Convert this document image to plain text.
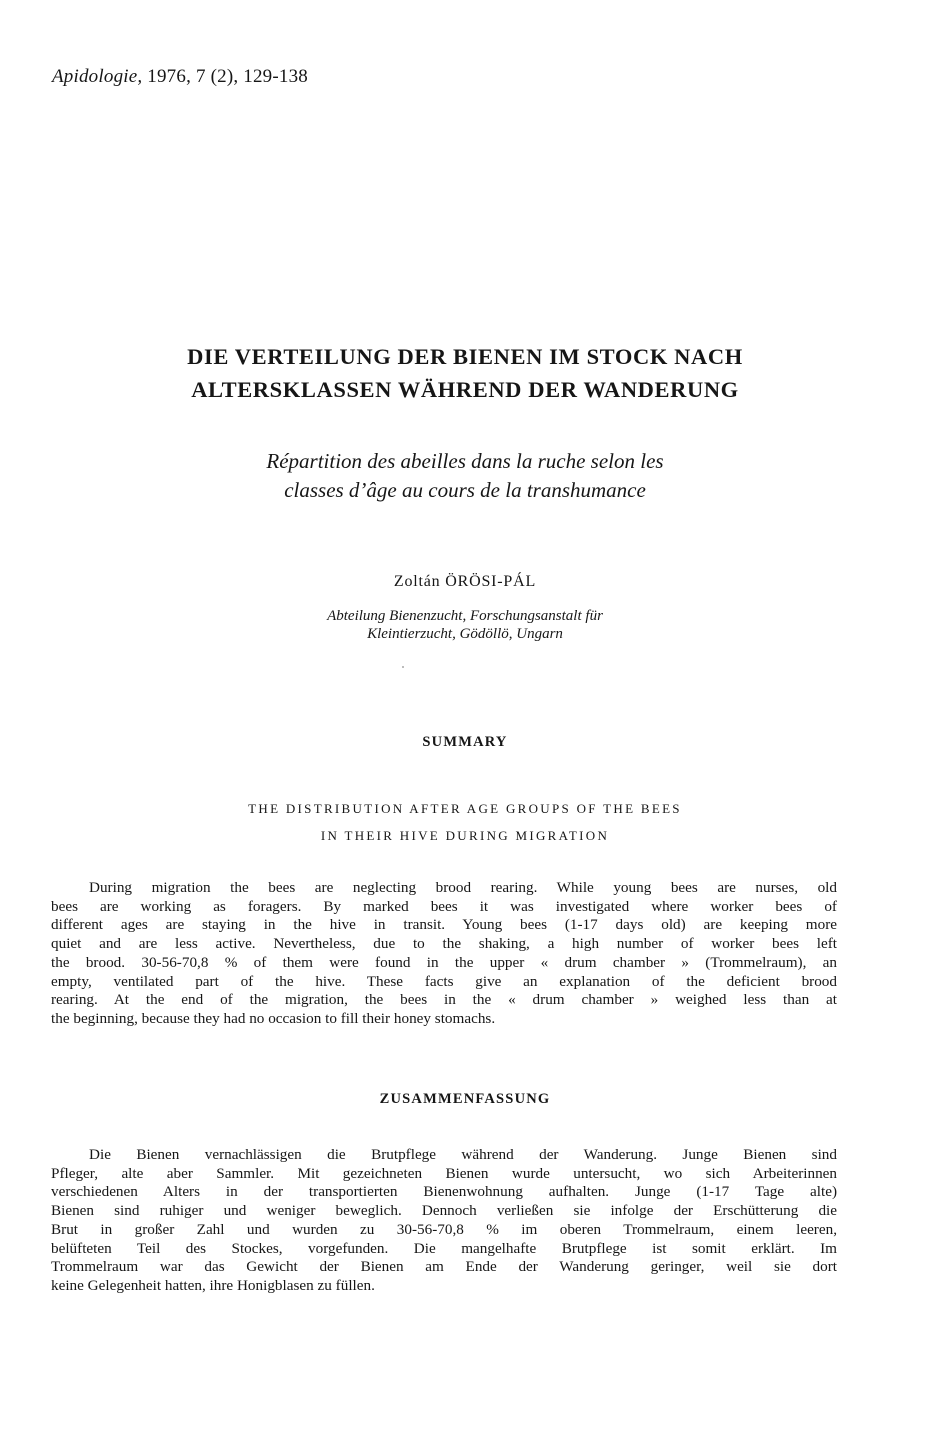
Apidologie, 1976, 7 (2), 129-138
DIE VERTEILUNG DER BIENEN IM STOCK NACH
ALTERSKLASSEN WÄHREND DER WANDERUNG
Répartition des abeilles dans la ruche selon les
classes d’âge au cours de la transhumance
Zoltán ÖRÖSI-PÁL
Abteilung Bienenzucht, Forschungsanstalt für
Kleintierzucht, Gödöllö, Ungarn
SUMMARY
THE DISTRIBUTION AFTER AGE GROUPS OF THE BEES
IN THEIR HIVE DURING MIGRATION
During migration the bees are neglecting brood rearing. While young bees are nurses, old
bees are working as foragers. By marked bees it was investigated where worker bees of
different ages are staying in the hive in transit. Young bees (1-17 days old) are keeping more
quiet and are less active. Nevertheless, due to the shaking, a high number of worker bees left
the brood. 30-56-70,8 % of them were found in the upper « drum chamber » (Trommelraum), an
empty, ventilated part of the hive. These facts give an explanation of the deficient brood
rearing. At the end of the migration, the bees in the « drum chamber » weighed less than at
the beginning, because they had no occasion to fill their honey stomachs.
ZUSAMMENFASSUNG
Die Bienen vernachlässigen die Brutpflege während der Wanderung. Junge Bienen sind
Pfleger, alte aber Sammler. Mit gezeichneten Bienen wurde untersucht, wo sich Arbeiterinnen
verschiedenen Alters in der transportierten Bienenwohnung aufhalten. Junge (1-17 Tage alte)
Bienen sind ruhiger und weniger beweglich. Dennoch verließen sie infolge der Erschütterung die
Brut in großer Zahl und wurden zu 30-56-70,8 % im oberen Trommelraum, einem leeren,
belüfteten Teil des Stockes, vorgefunden. Die mangelhafte Brutpflege ist somit erklärt. Im
Trommelraum war das Gewicht der Bienen am Ende der Wanderung geringer, weil sie dort
keine Gelegenheit hatten, ihre Honigblasen zu füllen.
